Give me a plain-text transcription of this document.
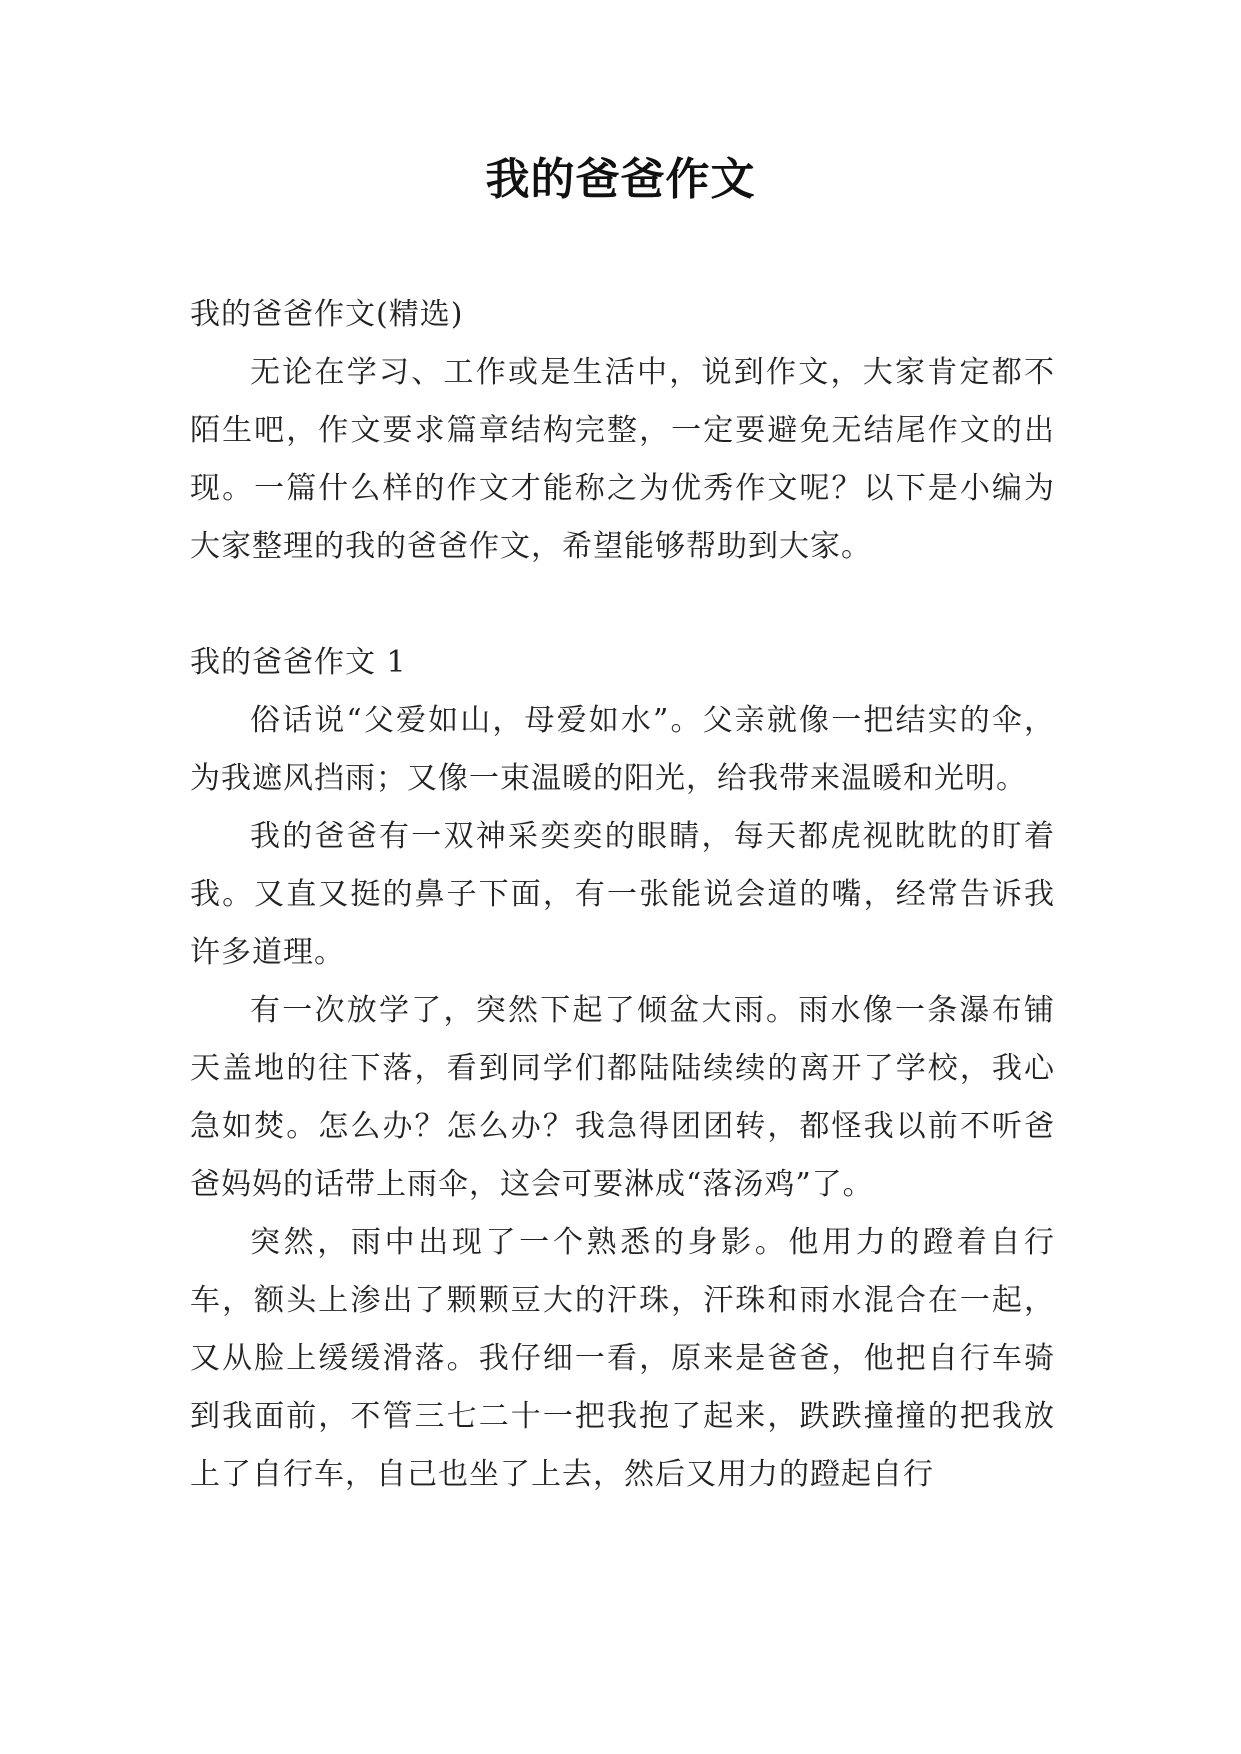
我的爸爸作文

我的爸爸作文(精选)

无论在学习、工作或是生活中，说到作文，大家肯定都不陌生吧，作文要求篇章结构完整，一定要避免无结尾作文的出现。一篇什么样的作文才能称之为优秀作文呢？以下是小编为大家整理的我的爸爸作文，希望能够帮助到大家。

我的爸爸作文 1

俗话说“父爱如山，母爱如水”。父亲就像一把结实的伞，为我遮风挡雨；又像一束温暖的阳光，给我带来温暖和光明。

我的爸爸有一双神采奕奕的眼睛，每天都虎视眈眈的盯着我。又直又挺的鼻子下面，有一张能说会道的嘴，经常告诉我许多道理。

有一次放学了，突然下起了倾盆大雨。雨水像一条瀑布铺天盖地的往下落，看到同学们都陆陆续续的离开了学校，我心急如焚。怎么办？怎么办？我急得团团转，都怪我以前不听爸爸妈妈的话带上雨伞，这会可要淋成“落汤鸡”了。

突然，雨中出现了一个熟悉的身影。他用力的蹬着自行车，额头上渗出了颗颗豆大的汗珠，汗珠和雨水混合在一起，又从脸上缓缓滑落。我仔细一看，原来是爸爸，他把自行车骑到我面前，不管三七二十一把我抱了起来，跌跌撞撞的把我放上了自行车，自己也坐了上去，然后又用力的蹬起自行
